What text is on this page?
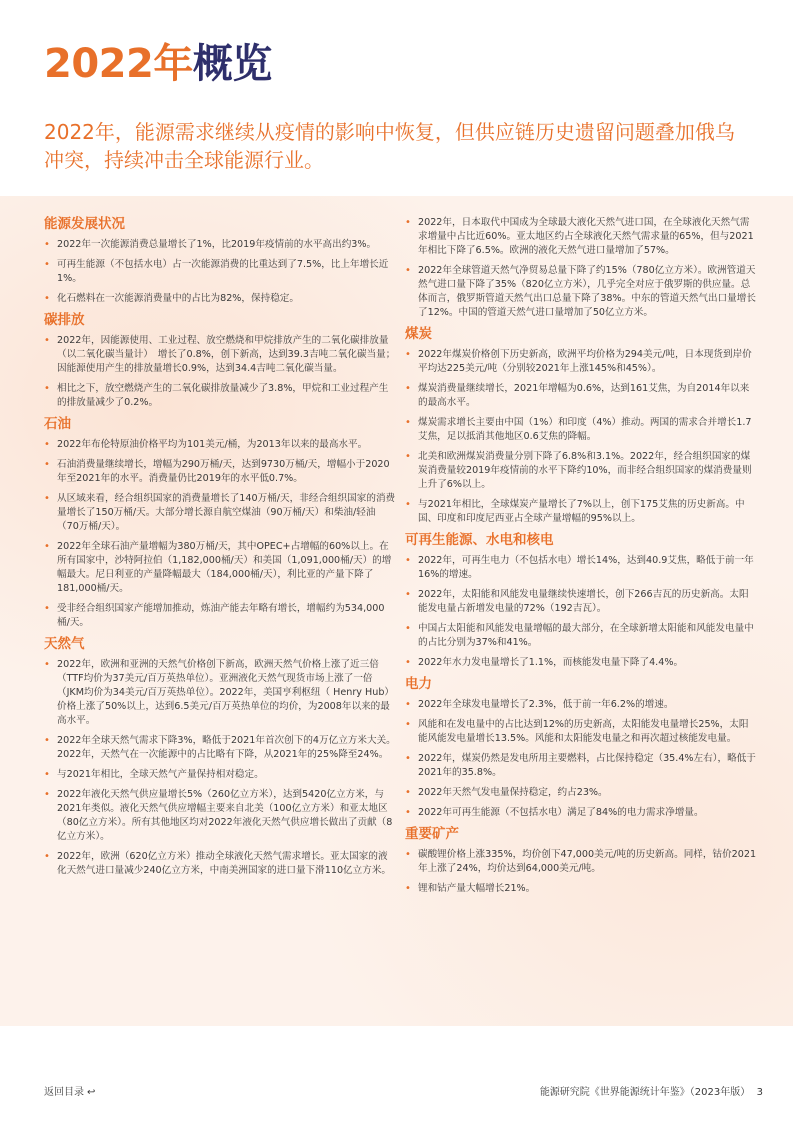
2022年概览

2022年，能源需求继续从疫情的影响中恢复，但供应链历史遗留问题叠加俄乌冲突，持续冲击全球能源行业。

能源发展状况
• 2022年一次能源消费总量增长了1%，比2019年疫情前的水平高出约3%。
• 可再生能源（不包括水电）占一次能源消费的比重达到了7.5%，比上年增长近1%。
• 化石燃料在一次能源消费量中的占比为82%，保持稳定。
碳排放
• 2022年，因能源使用、工业过程、放空燃烧和甲烷排放产生的二氧化碳排放量（以二氧化碳当量计）　增长了0.8%，创下新高，达到39.3吉吨二氧化碳当量；因能源使用产生的排放量增长0.9%，达到34.4吉吨二氧化碳当量。
• 相比之下，放空燃烧产生的二氧化碳排放量减少了3.8%，甲烷和工业过程产生的排放量减少了0.2%。
石油
• 2022年布伦特原油价格平均为101美元/桶，为2013年以来的最高水平。
• 石油消费量继续增长，增幅为290万桶/天，达到9730万桶/天，增幅小于2020年至2021年的水平。消费量仍比2019年的水平低0.7%。
• 从区域来看，经合组织国家的消费量增长了140万桶/天，非经合组织国家的消费量增长了150万桶/天。大部分增长源自航空煤油（90万桶/天）和柴油/轻油（70万桶/天）。
• 2022年全球石油产量增幅为380万桶/天，其中OPEC+占增幅的60%以上。在所有国家中，沙特阿拉伯（1,182,000桶/天）和美国（1,091,000桶/天）的增幅最大。尼日利亚的产量降幅最大（184,000桶/天），利比亚的产量下降了181,000桶/天。
• 受非经合组织国家产能增加推动，炼油产能去年略有增长，增幅约为534,000桶/天。
天然气
• 2022年，欧洲和亚洲的天然气价格创下新高，欧洲天然气价格上涨了近三倍（TTF均价为37美元/百万英热单位）。亚洲液化天然气现货市场上涨了一倍（JKM均价为34美元/百万英热单位）。2022年，美国亨利枢纽（ Henry Hub）价格上涨了50%以上，达到6.5美元/百万英热单位的均价，为2008年以来的最高水平。
• 2022年全球天然气需求下降3%，略低于2021年首次创下的4万亿立方米大关。2022年，天然气在一次能源中的占比略有下降，从2021年的25%降至24%。
• 与2021年相比，全球天然气产量保持相对稳定。
• 2022年液化天然气供应量增长5%（260亿立方米），达到5420亿立方米，与2021年类似。液化天然气供应增幅主要来自北美（100亿立方米）和亚太地区（80亿立方米）。所有其他地区均对2022年液化天然气供应增长做出了贡献（8亿立方米）。
• 2022年，欧洲（620亿立方米）推动全球液化天然气需求增长。亚太国家的液化天然气进口量减少240亿立方米，中南美洲国家的进口量下滑110亿立方米。
• 2022年，日本取代中国成为全球最大液化天然气进口国，在全球液化天然气需求增量中占比近60%。亚太地区约占全球液化天然气需求量的65%，但与2021年相比下降了6.5%。欧洲的液化天然气进口量增加了57%。
• 2022年全球管道天然气净贸易总量下降了约15%（780亿立方米）。欧洲管道天然气进口量下降了35%（820亿立方米），几乎完全对应于俄罗斯的供应量。总体而言，俄罗斯管道天然气出口总量下降了38%。中东的管道天然气出口量增长了12%。中国的管道天然气进口量增加了50亿立方米。
煤炭
• 2022年煤炭价格创下历史新高，欧洲平均价格为294美元/吨，日本现货到岸价平均达225美元/吨（分别较2021年上涨145%和45%）。
• 煤炭消费量继续增长，2021年增幅为0.6%，达到161艾焦，为自2014年以来的最高水平。
• 煤炭需求增长主要由中国（1%）和印度（4%）推动。两国的需求合并增长1.7艾焦，足以抵消其他地区0.6艾焦的降幅。
• 北美和欧洲煤炭消费量分别下降了6.8%和3.1%。2022年，经合组织国家的煤炭消费量较2019年疫情前的水平下降约10%，而非经合组织国家的煤消费量则上升了6%以上。
• 与2021年相比，全球煤炭产量增长了7%以上，创下175艾焦的历史新高。中国、印度和印度尼西亚占全球产量增幅的95%以上。
可再生能源、水电和核电
• 2022年，可再生电力（不包括水电）增长14%，达到40.9艾焦，略低于前一年16%的增速。
• 2022年，太阳能和风能发电量继续快速增长，创下266吉瓦的历史新高。太阳能发电量占新增发电量的72%（192吉瓦）。
• 中国占太阳能和风能发电量增幅的最大部分，在全球新增太阳能和风能发电量中的占比分别为37%和41%。
• 2022年水力发电量增长了1.1%，而核能发电量下降了4.4%。
电力
• 2022年全球发电量增长了2.3%，低于前一年6.2%的增速。
• 风能和在发电量中的占比达到12%的历史新高，太阳能发电量增长25%，太阳能风能发电量增长13.5%。风能和太阳能发电量之和再次超过核能发电量。
• 2022年，煤炭仍然是发电所用主要燃料，占比保持稳定（35.4%左右），略低于2021年的35.8%。
• 2022年天然气发电量保持稳定，约占23%。
• 2022年可再生能源（不包括水电）满足了84%的电力需求净增量。
重要矿产
• 碳酸锂价格上涨335%，均价创下47,000美元/吨的历史新高。同样，钴价2021年上涨了24%，均价达到64,000美元/吨。
• 锂和钴产量大幅增长21%。
返回目录 ↩	能源研究院《世界能源统计年鉴》（2023年版） 3
